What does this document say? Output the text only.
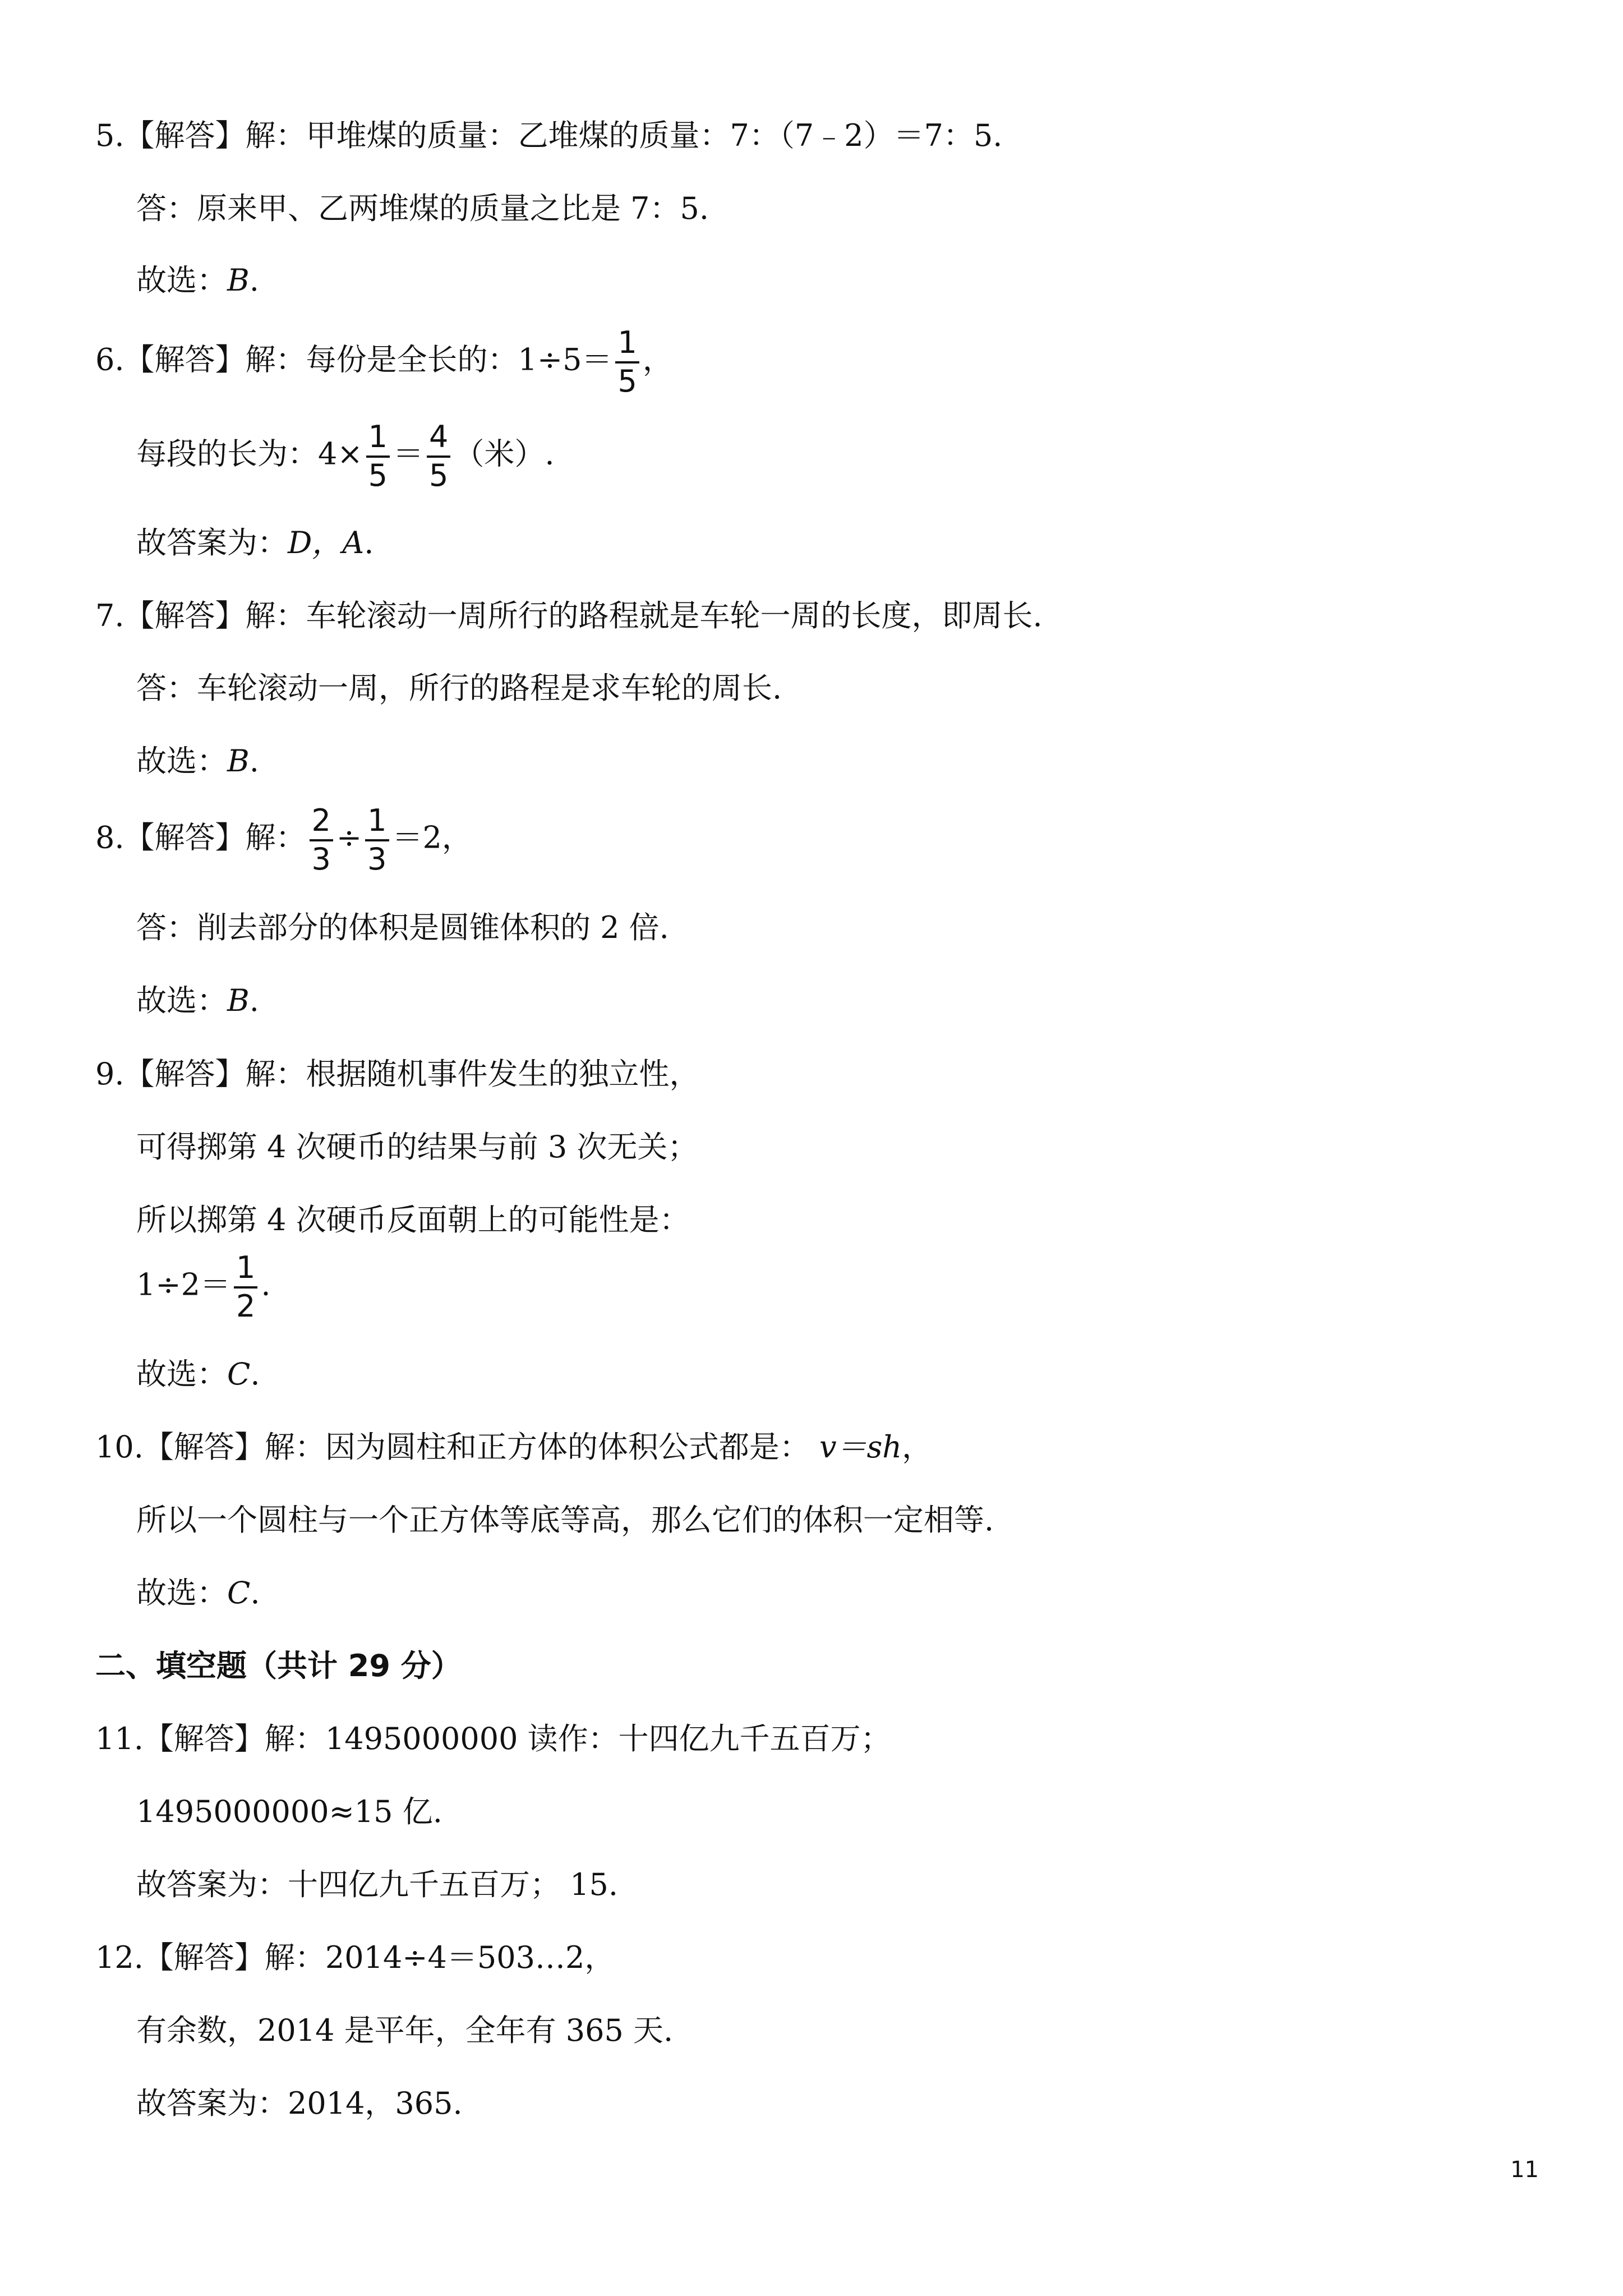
5.【解答】解：甲堆煤的质量：乙堆煤的质量：7：（7﹣2）＝7：5.
答：原来甲、乙两堆煤的质量之比是 7：5.
故选：B.
6.【解答】解：每份是全长的：$1\div 5= \frac{1}{5}$ ，
每段的长为：$4\times \frac{1}{5} = \frac{4}{5}$ （米）.
故答案为：D，A.
7.【解答】解：车轮滚动一周所行的路程就是车轮一周的长度，即周长.
答：车轮滚动一周，所行的路程是求车轮的周长.
故选：B.
8.【解答】解： $\frac{2}{3} \div \frac{1}{3} =2$，
答：削去部分的体积是圆锥体积的 2 倍.
故选：B.
9.【解答】解：根据随机事件发生的独立性，
可得掷第 4 次硬币的结果与前 3 次无关；
所以掷第 4 次硬币反面朝上的可能性是：
$1\div 2= \frac{1}{2}$ .
故选：C.
10.【解答】解：因为圆柱和正方体的体积公式都是： v＝sh，
所以一个圆柱与一个正方体等底等高，那么它们的体积一定相等.
故选：C.
二、填空题（共计 29 分）
11.【解答】解：1495000000 读作：十四亿九千五百万；
1495000000≈15 亿.
故答案为：十四亿九千五百万； 15.
12.【解答】解：2014÷4＝503…2，
有余数，2014 是平年，全年有 365 天.
故答案为：2014，365.
11
